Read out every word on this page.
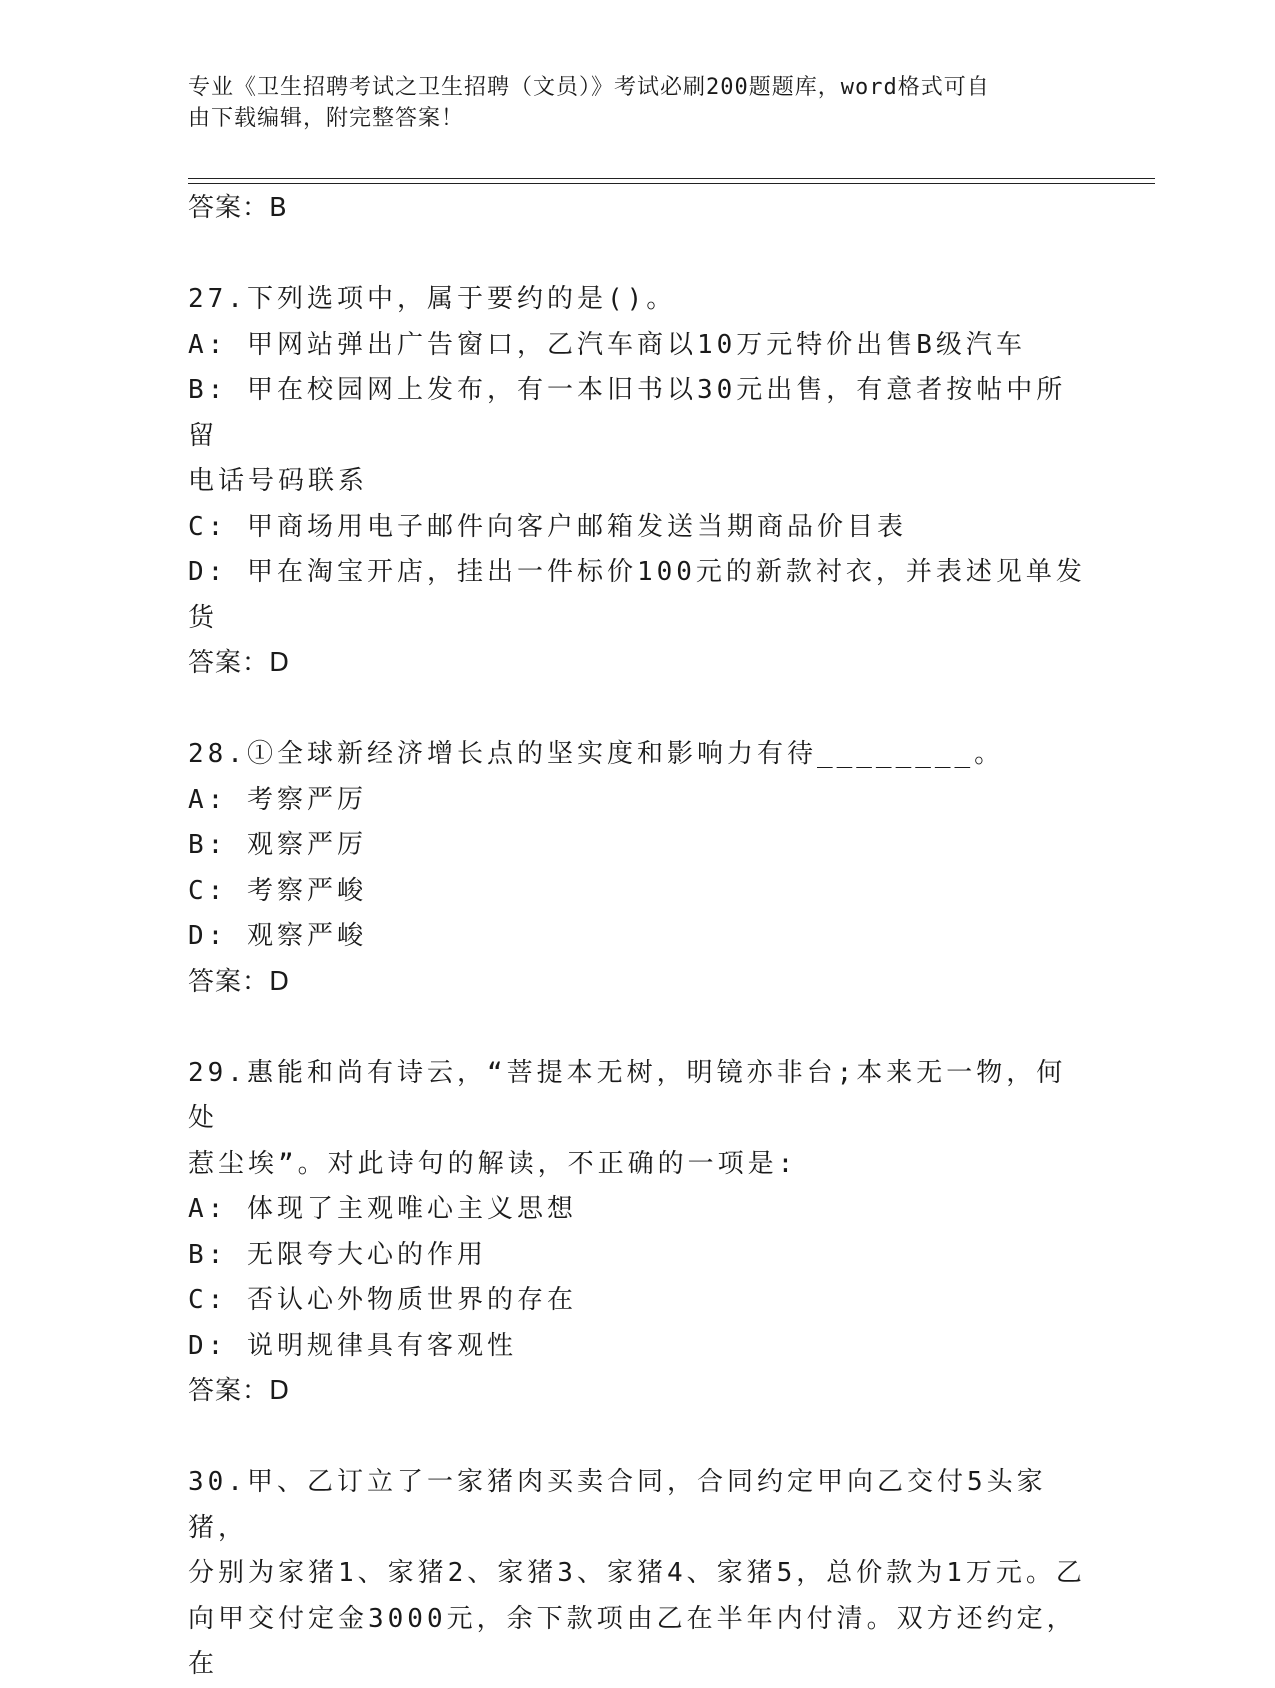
专业《卫生招聘考试之卫生招聘（文员）》考试必刷200题题库，word格式可自
由下载编辑，附完整答案！
答案：B
27.下列选项中，属于要约的是()。
A: 甲网站弹出广告窗口，乙汽车商以10万元特价出售B级汽车
B: 甲在校园网上发布，有一本旧书以30元出售，有意者按帖中所留
电话号码联系
C: 甲商场用电子邮件向客户邮箱发送当期商品价目表
D: 甲在淘宝开店，挂出一件标价100元的新款衬衣，并表述见单发货
答案：D
28.①全球新经济增长点的坚实度和影响力有待________。
A: 考察严厉
B: 观察严厉
C: 考察严峻
D: 观察严峻
答案：D
29.惠能和尚有诗云，“菩提本无树，明镜亦非台;本来无一物，何处
惹尘埃”。对此诗句的解读，不正确的一项是:
A: 体现了主观唯心主义思想
B: 无限夸大心的作用
C: 否认心外物质世界的存在
D: 说明规律具有客观性
答案：D
30.甲、乙订立了一家猪肉买卖合同，合同约定甲向乙交付5头家猪，
分别为家猪1、家猪2、家猪3、家猪4、家猪5，总价款为1万元。乙
向甲交付定金3000元，余下款项由乙在半年内付清。双方还约定，在
